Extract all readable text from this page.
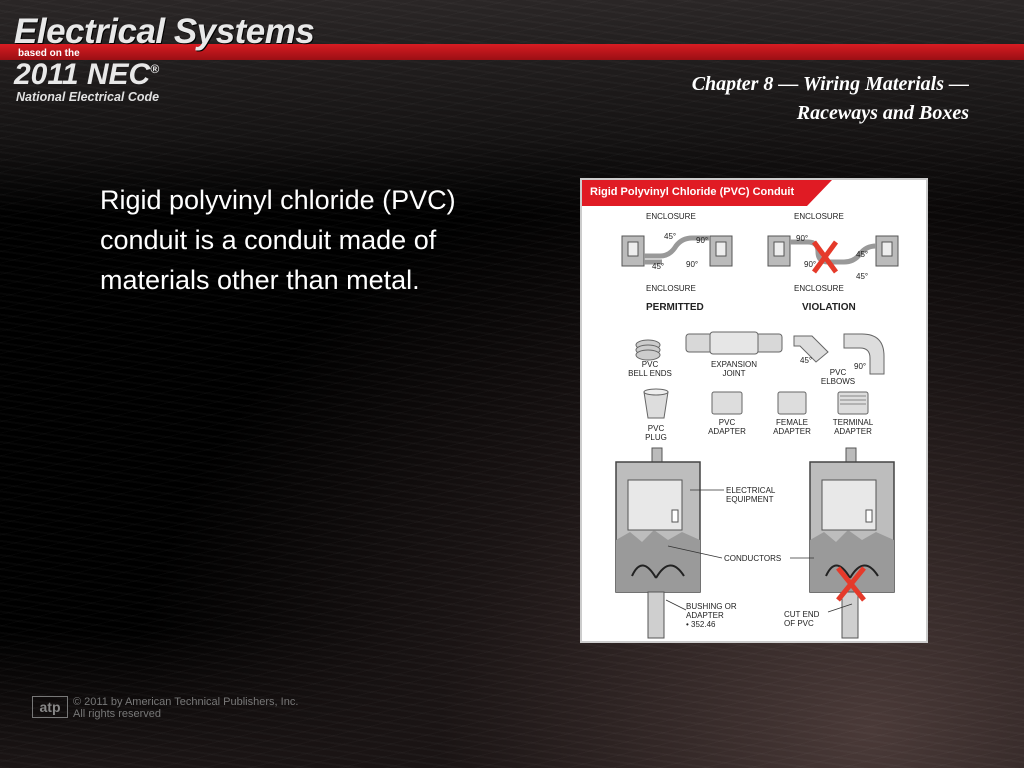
Electrical Systems
based on the
2011 NEC®
National Electrical Code
Chapter 8 — Wiring Materials —
Raceways and Boxes
Rigid polyvinyl chloride (PVC) conduit is a conduit made of materials other than metal.
Rigid Polyvinyl Chloride (PVC) Conduit
ENCLOSURE	ENCLOSURE
45° 90°
45°	90°
90°
90°
45°
45°
ENCLOSURE	ENCLOSURE
PERMITTED	VIOLATION
PVC
BELL ENDS
EXPANSION
JOINT
45°
90°
PVC
ELBOWS
PVC
PLUG
PVC
ADAPTER
FEMALE
ADAPTER
TERMINAL
ADAPTER
ELECTRICAL
EQUIPMENT
CONDUCTORS
BUSHING OR
ADAPTER
• 352.46
CUT END
OF PVC
atp	© 2011 by American Technical Publishers, Inc.
All rights reserved
